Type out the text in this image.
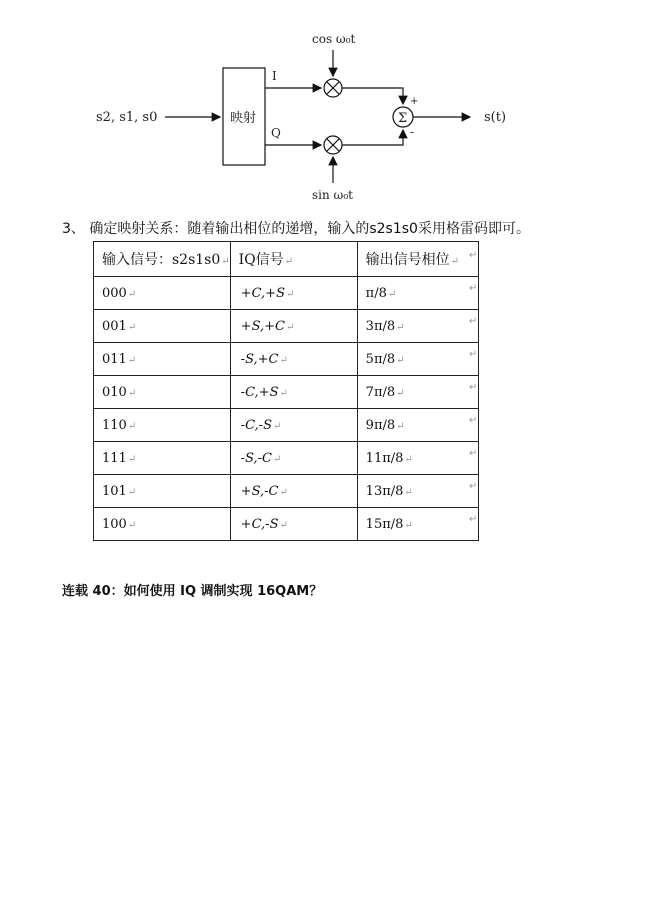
s2, s1, s0	映射
I
cos ω₀t
Q
sin ω₀t
Σ
+
-
s(t)
3、 确定映射关系：随着输出相位的递增，输入的s2s1s0采用格雷码即可。
输入信号：s2s1s0↵	IQ信号↵	输出信号相位↵
000↵	+C,+S↵	π/8↵
001↵	+S,+C↵	3π/8↵
011↵	-S,+C↵	5π/8↵
010↵	-C,+S↵	7π/8↵
110↵	-C,-S↵	9π/8↵
111↵	-S,-C↵	11π/8↵
101↵	+S,-C↵	13π/8↵
100↵	+C,-S↵	15π/8↵
↵
↵
↵
↵
↵
↵
↵
↵
↵
连载 40：如何使用 IQ 调制实现 16QAM？
